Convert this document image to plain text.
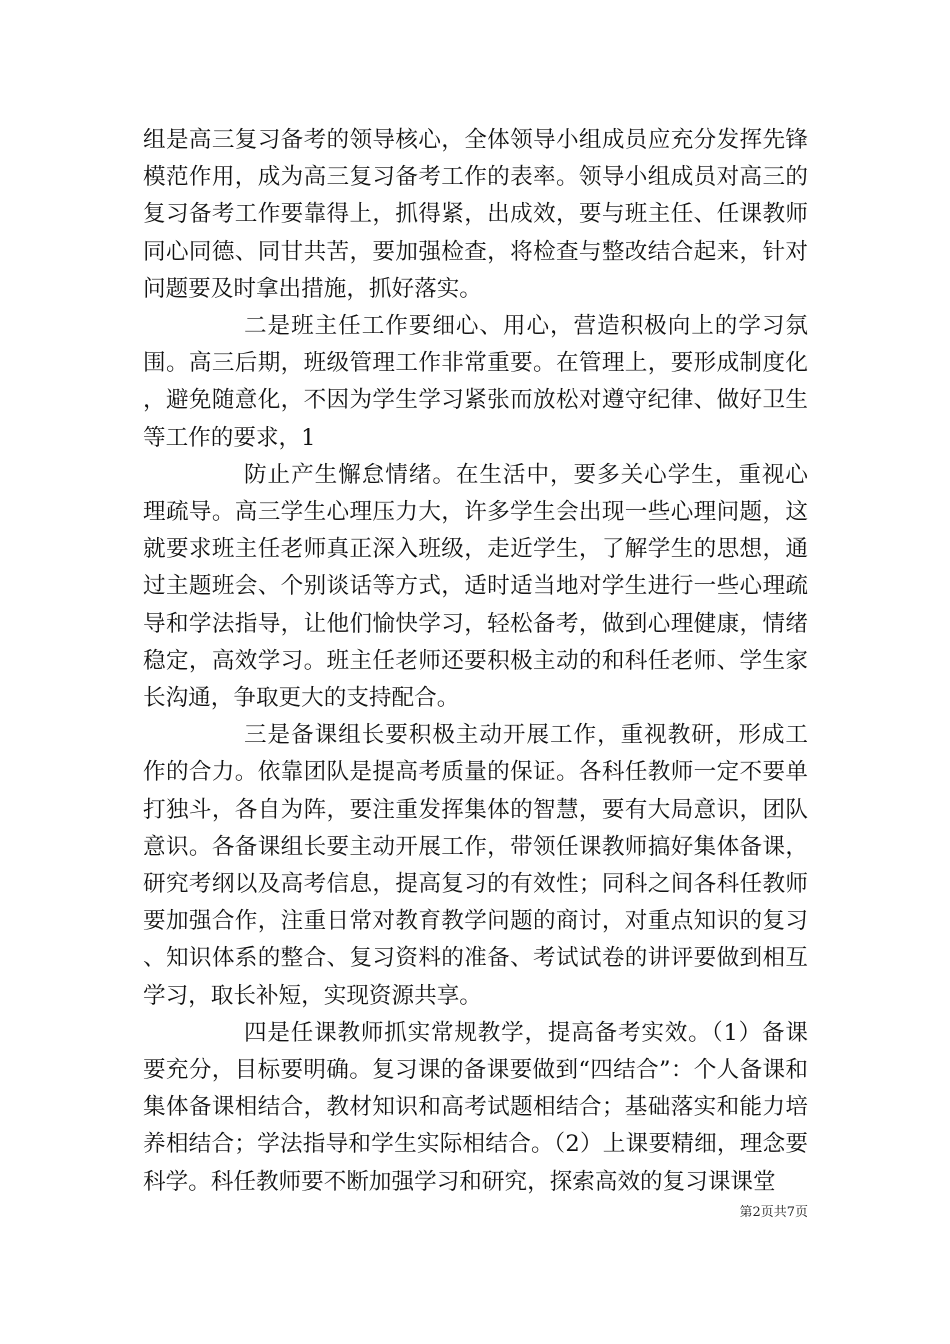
组是高三复习备考的领导核心，全体领导小组成员应充分发挥先锋模范作用，成为高三复习备考工作的表率。领导小组成员对高三的复习备考工作要靠得上，抓得紧，出成效，要与班主任、任课教师同心同德、同甘共苦，要加强检查，将检查与整改结合起来，针对问题要及时拿出措施，抓好落实。

二是班主任工作要细心、用心，营造积极向上的学习氛围。高三后期，班级管理工作非常重要。在管理上，要形成制度化，避免随意化，不因为学生学习紧张而放松对遵守纪律、做好卫生等工作的要求，1

防止产生懈怠情绪。在生活中，要多关心学生，重视心理疏导。高三学生心理压力大，许多学生会出现一些心理问题，这就要求班主任老师真正深入班级，走近学生，了解学生的思想，通过主题班会、个别谈话等方式，适时适当地对学生进行一些心理疏导和学法指导，让他们愉快学习，轻松备考，做到心理健康，情绪稳定，高效学习。班主任老师还要积极主动的和科任老师、学生家长沟通，争取更大的支持配合。

三是备课组长要积极主动开展工作，重视教研，形成工作的合力。依靠团队是提高考质量的保证。各科任教师一定不要单打独斗，各自为阵，要注重发挥集体的智慧，要有大局意识，团队意识。各备课组长要主动开展工作，带领任课教师搞好集体备课，研究考纲以及高考信息，提高复习的有效性；同科之间各科任教师要加强合作，注重日常对教育教学问题的商讨，对重点知识的复习、知识体系的整合、复习资料的准备、考试试卷的讲评要做到相互学习，取长补短，实现资源共享。

四是任课教师抓实常规教学，提高备考实效。（1）备课要充分，目标要明确。复习课的备课要做到“四结合”：个人备课和集体备课相结合，教材知识和高考试题相结合；基础落实和能力培养相结合；学法指导和学生实际相结合。（2）上课要精细，理念要科学。科任教师要不断加强学习和研究，探索高效的复习课课堂

第2页共7页
